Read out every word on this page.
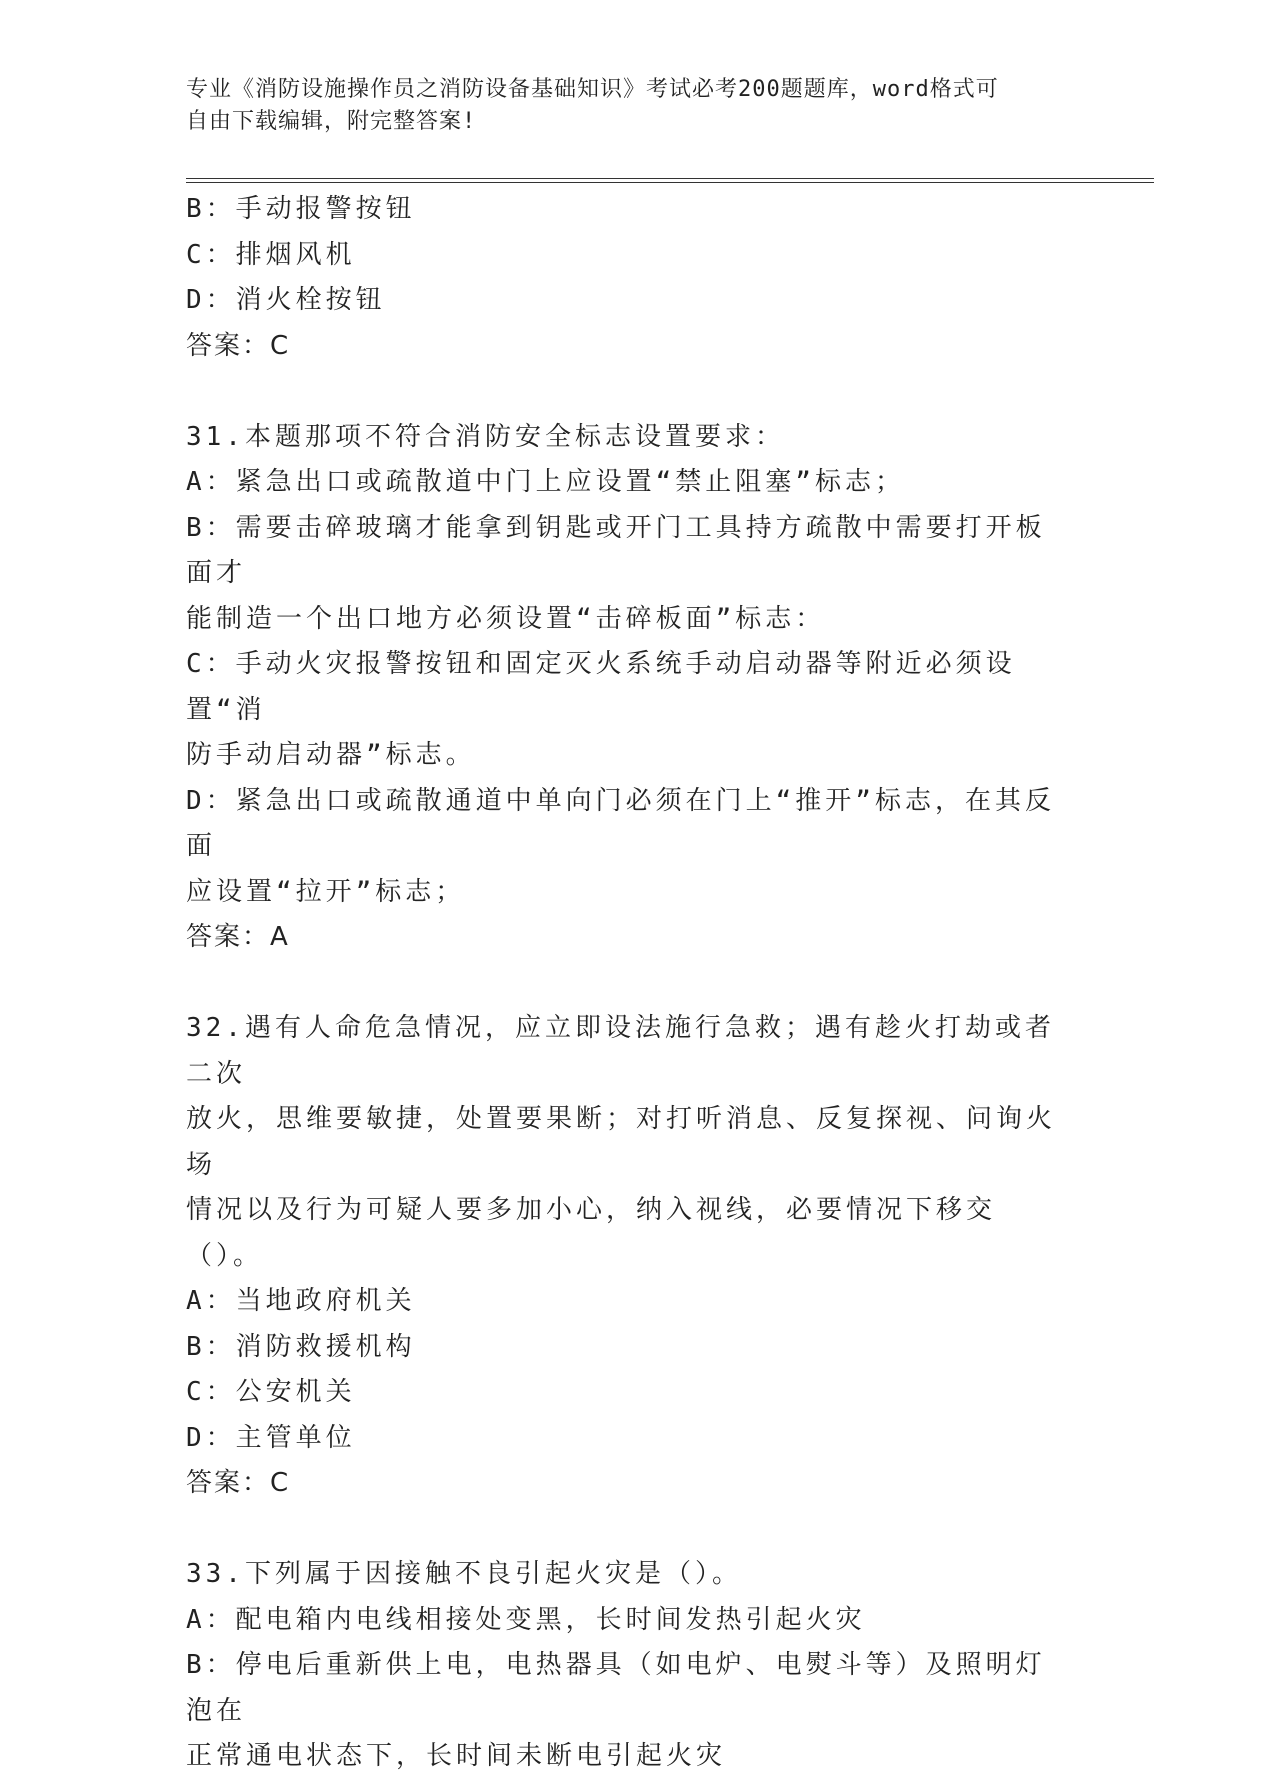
专业《消防设施操作员之消防设备基础知识》考试必考200题题库，word格式可
自由下载编辑，附完整答案!
B：手动报警按钮
C：排烟风机
D：消火栓按钮
答案：C
31.本题那项不符合消防安全标志设置要求：
A：紧急出口或疏散道中门上应设置“禁止阻塞”标志；
B：需要击碎玻璃才能拿到钥匙或开门工具持方疏散中需要打开板面才
能制造一个出口地方必须设置“击碎板面”标志：
C：手动火灾报警按钮和固定灭火系统手动启动器等附近必须设置“消
防手动启动器”标志。
D：紧急出口或疏散通道中单向门必须在门上“推开”标志，在其反面
应设置“拉开”标志；
答案：A
32.遇有人命危急情况，应立即设法施行急救；遇有趁火打劫或者二次
放火，思维要敏捷，处置要果断；对打听消息、反复探视、问询火场
情况以及行为可疑人要多加小心，纳入视线，必要情况下移交（）。
A：当地政府机关
B：消防救援机构
C：公安机关
D：主管单位
答案：C
33.下列属于因接触不良引起火灾是（）。
A：配电箱内电线相接处变黑，长时间发热引起火灾
B：停电后重新供上电，电热器具（如电炉、电熨斗等）及照明灯泡在
正常通电状态下，长时间未断电引起火灾
